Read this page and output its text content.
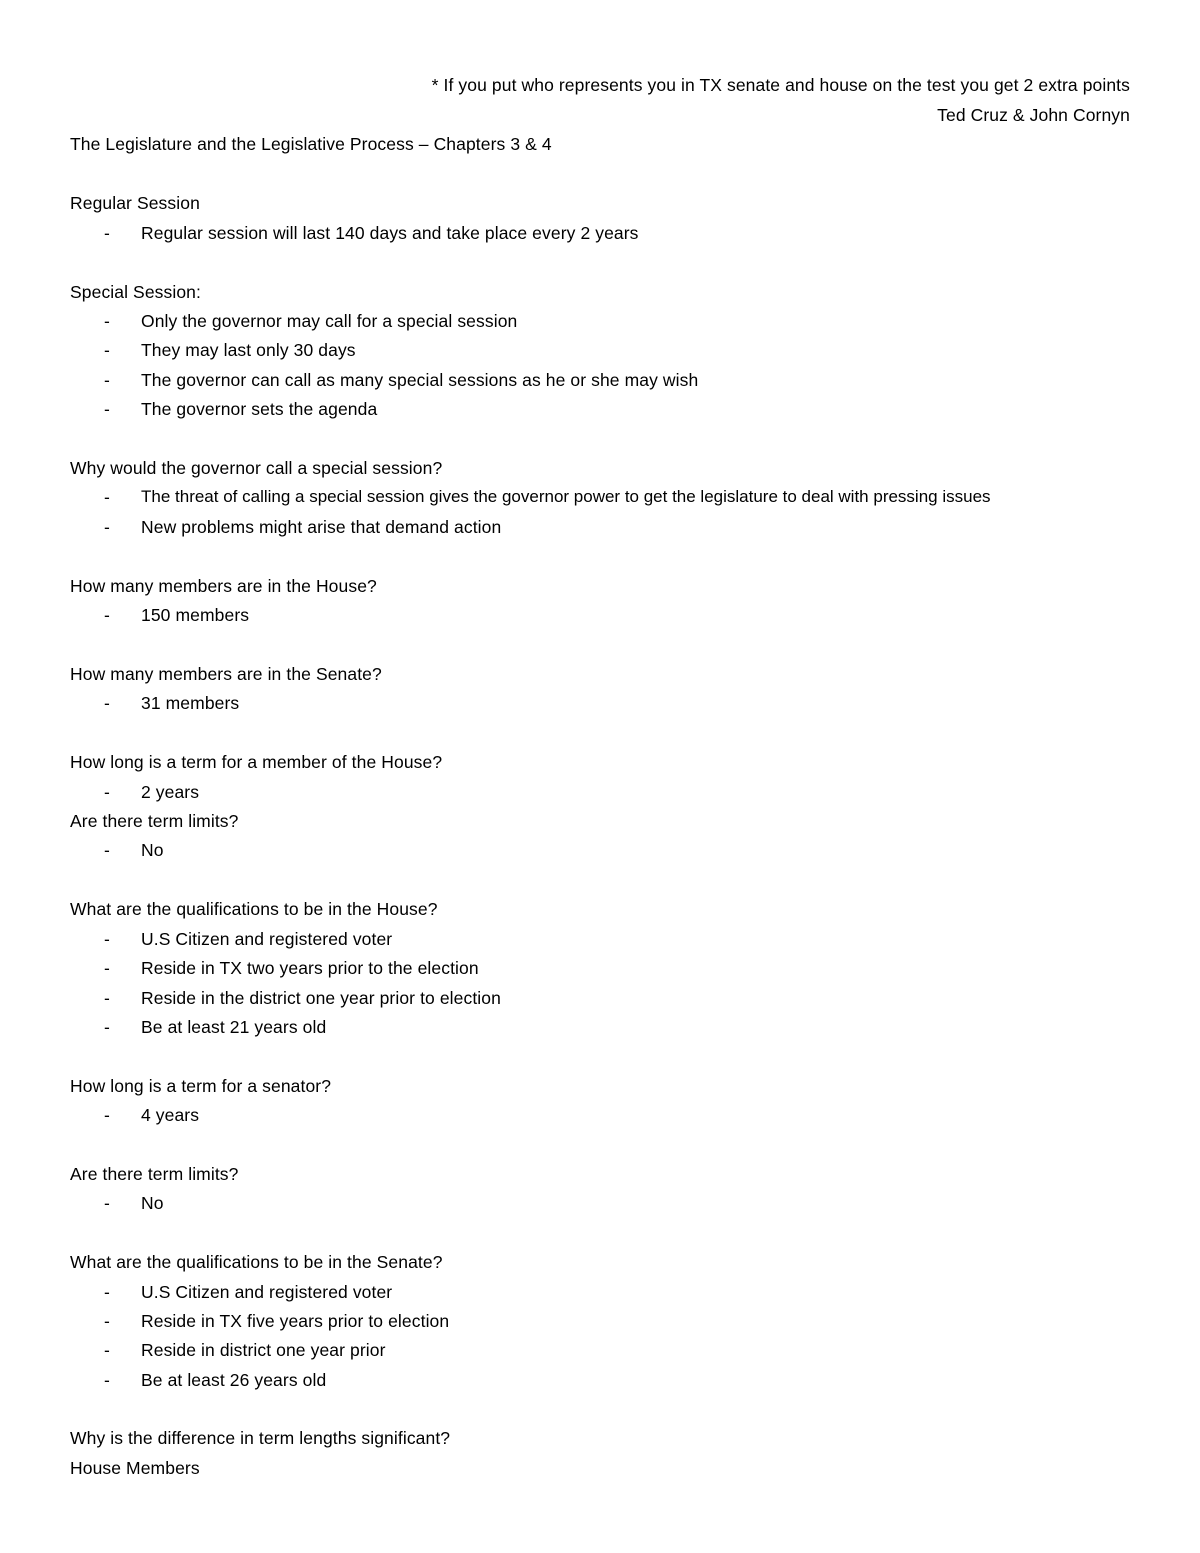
* If you put who represents you in TX senate and house on the test you get 2 extra points
Ted Cruz & John Cornyn
The Legislature and the Legislative Process – Chapters 3 & 4
Regular Session
- Regular session will last 140 days and take place every 2 years
Special Session:
- Only the governor may call for a special session
- They may last only 30 days
- The governor can call as many special sessions as he or she may wish
- The governor sets the agenda
Why would the governor call a special session?
- The threat of calling a special session gives the governor power to get the legislature to deal with pressing issues
- New problems might arise that demand action
How many members are in the House?
- 150 members
How many members are in the Senate?
- 31 members
How long is a term for a member of the House?
- 2 years
Are there term limits?
- No
What are the qualifications to be in the House?
- U.S Citizen and registered voter
- Reside in TX two years prior to the election
- Reside in the district one year prior to election
- Be at least 21 years old
How long is a term for a senator?
- 4 years
Are there term limits?
- No
What are the qualifications to be in the Senate?
- U.S Citizen and registered voter
- Reside in TX five years prior to election
- Reside in district one year prior
- Be at least 26 years old
Why is the difference in term lengths significant?
House Members
